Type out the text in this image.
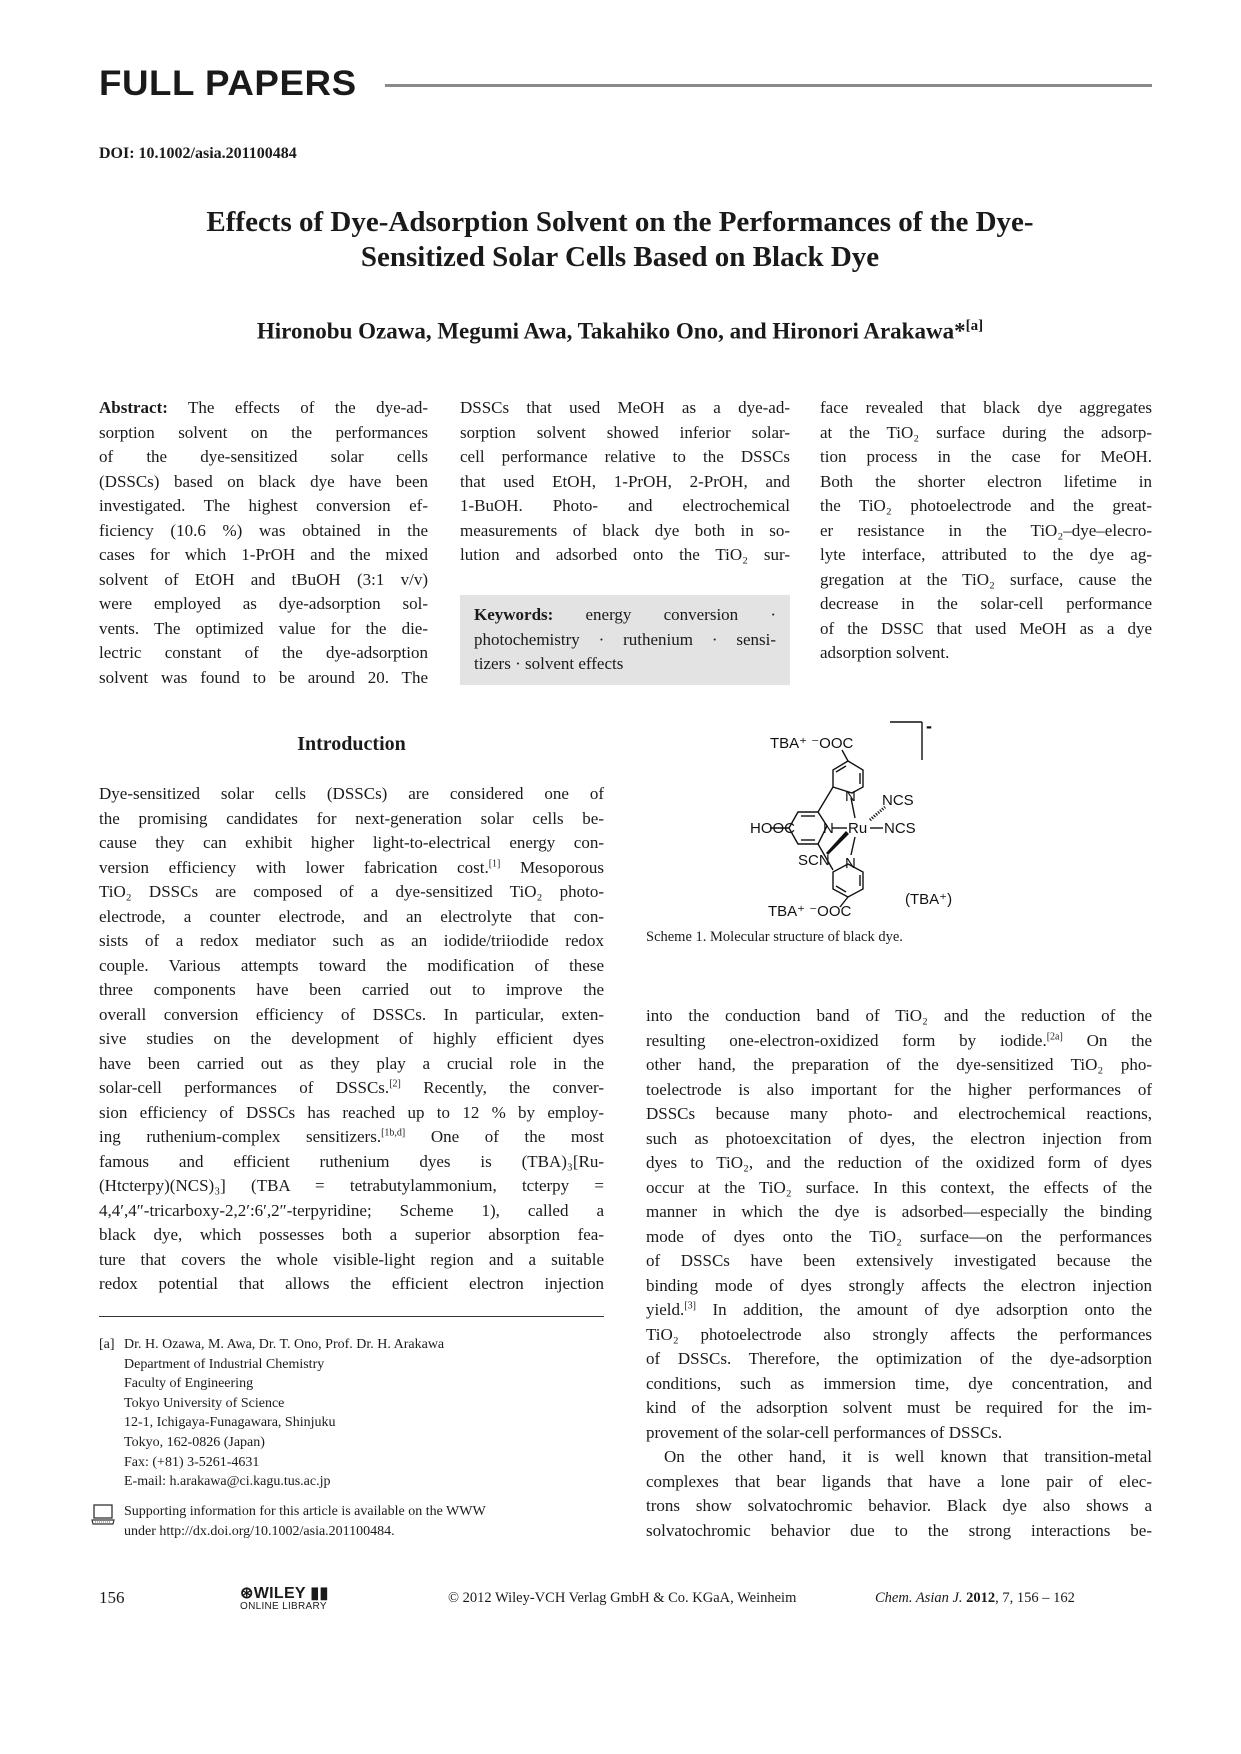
FULL PAPERS
DOI: 10.1002/asia.201100484
Effects of Dye-Adsorption Solvent on the Performances of the Dye-
Sensitized Solar Cells Based on Black Dye
Hironobu Ozawa, Megumi Awa, Takahiko Ono, and Hironori Arakawa*[a]
Abstract: The effects of the dye-ad-
sorption solvent on the performances
of the dye-sensitized solar cells
(DSSCs) based on black dye have been
investigated. The highest conversion ef-
ficiency (10.6 %) was obtained in the
cases for which 1-PrOH and the mixed
solvent of EtOH and tBuOH (3:1 v/v)
were employed as dye-adsorption sol-
vents. The optimized value for the die-
lectric constant of the dye-adsorption
solvent was found to be around 20. The
DSSCs that used MeOH as a dye-ad-
sorption solvent showed inferior solar-
cell performance relative to the DSSCs
that used EtOH, 1-PrOH, 2-PrOH, and
1-BuOH. Photo- and electrochemical
measurements of black dye both in so-
lution and adsorbed onto the TiO₂ sur-
face revealed that black dye aggregates
at the TiO₂ surface during the adsorp-
tion process in the case for MeOH.
Both the shorter electron lifetime in
the TiO₂ photoelectrode and the great-
er resistance in the TiO₂–dye–elecro-
lyte interface, attributed to the dye ag-
gregation at the TiO₂ surface, cause the
decrease in the solar-cell performance
of the DSSC that used MeOH as a dye
adsorption solvent.
Keywords: energy conversion ·
photochemistry · ruthenium · sensi-
tizers · solvent effects
Introduction
Dye-sensitized solar cells (DSSCs) are considered one of
the promising candidates for next-generation solar cells be-
cause they can exhibit higher light-to-electrical energy con-
version efficiency with lower fabrication cost.[1] Mesoporous
TiO₂ DSSCs are composed of a dye-sensitized TiO₂ photo-
electrode, a counter electrode, and an electrolyte that con-
sists of a redox mediator such as an iodide/triiodide redox
couple. Various attempts toward the modification of these
three components have been carried out to improve the
overall conversion efficiency of DSSCs. In particular, exten-
sive studies on the development of highly efficient dyes
have been carried out as they play a crucial role in the
solar-cell performances of DSSCs.[2] Recently, the conver-
sion efficiency of DSSCs has reached up to 12 % by employ-
ing ruthenium-complex sensitizers.[1b,d] One of the most
famous and efficient ruthenium dyes is (TBA)₃[Ru-
(Htcterpy)(NCS)₃] (TBA = tetrabutylammonium, tcterpy =
4,4′,4″-tricarboxy-2,2′:6′,2″-terpyridine; Scheme 1), called a
black dye, which possesses both a superior absorption fea-
ture that covers the whole visible-light region and a suitable
redox potential that allows the efficient electron injection
into the conduction band of TiO₂ and the reduction of the
resulting one-electron-oxidized form by iodide.[2a] On the
other hand, the preparation of the dye-sensitized TiO₂ pho-
toelectrode is also important for the higher performances of
DSSCs because many photo- and electrochemical reactions,
such as photoexcitation of dyes, the electron injection from
dyes to TiO₂, and the reduction of the oxidized form of dyes
occur at the TiO₂ surface. In this context, the effects of the
manner in which the dye is adsorbed—especially the binding
mode of dyes onto the TiO₂ surface—on the performances
of DSSCs have been extensively investigated because the
binding mode of dyes strongly affects the electron injection
yield.[3] In addition, the amount of dye adsorption onto the
TiO₂ photoelectrode also strongly affects the performances
of DSSCs. Therefore, the optimization of the dye-adsorption
conditions, such as immersion time, dye concentration, and
kind of the adsorption solvent must be required for the im-
provement of the solar-cell performances of DSSCs.
On the other hand, it is well known that transition-metal
complexes that bear ligands that have a lone pair of elec-
trons show solvatochromic behavior. Black dye also shows a
solvatochromic behavior due to the strong interactions be-
TBA⁺ ⁻OOC
TBA⁺ ⁻OOC
HOOC	Ru
N
N
N
NCS
NCS
SCN
(TBA⁺)
-
Scheme 1. Molecular structure of black dye.
[a] Dr. H. Ozawa, M. Awa, Dr. T. Ono, Prof. Dr. H. Arakawa
Department of Industrial Chemistry
Faculty of Engineering
Tokyo University of Science
12-1, Ichigaya-Funagawara, Shinjuku
Tokyo, 162-0826 (Japan)
Fax: (+81) 3-5261-4631
E-mail: h.arakawa@ci.kagu.tus.ac.jp
Supporting information for this article is available on the WWW
under http://dx.doi.org/10.1002/asia.201100484.
156	⊛WILEY ▮▮
ONLINE LIBRARY
© 2012 Wiley-VCH Verlag GmbH & Co. KGaA, Weinheim	Chem. Asian J. 2012, 7, 156 – 162
